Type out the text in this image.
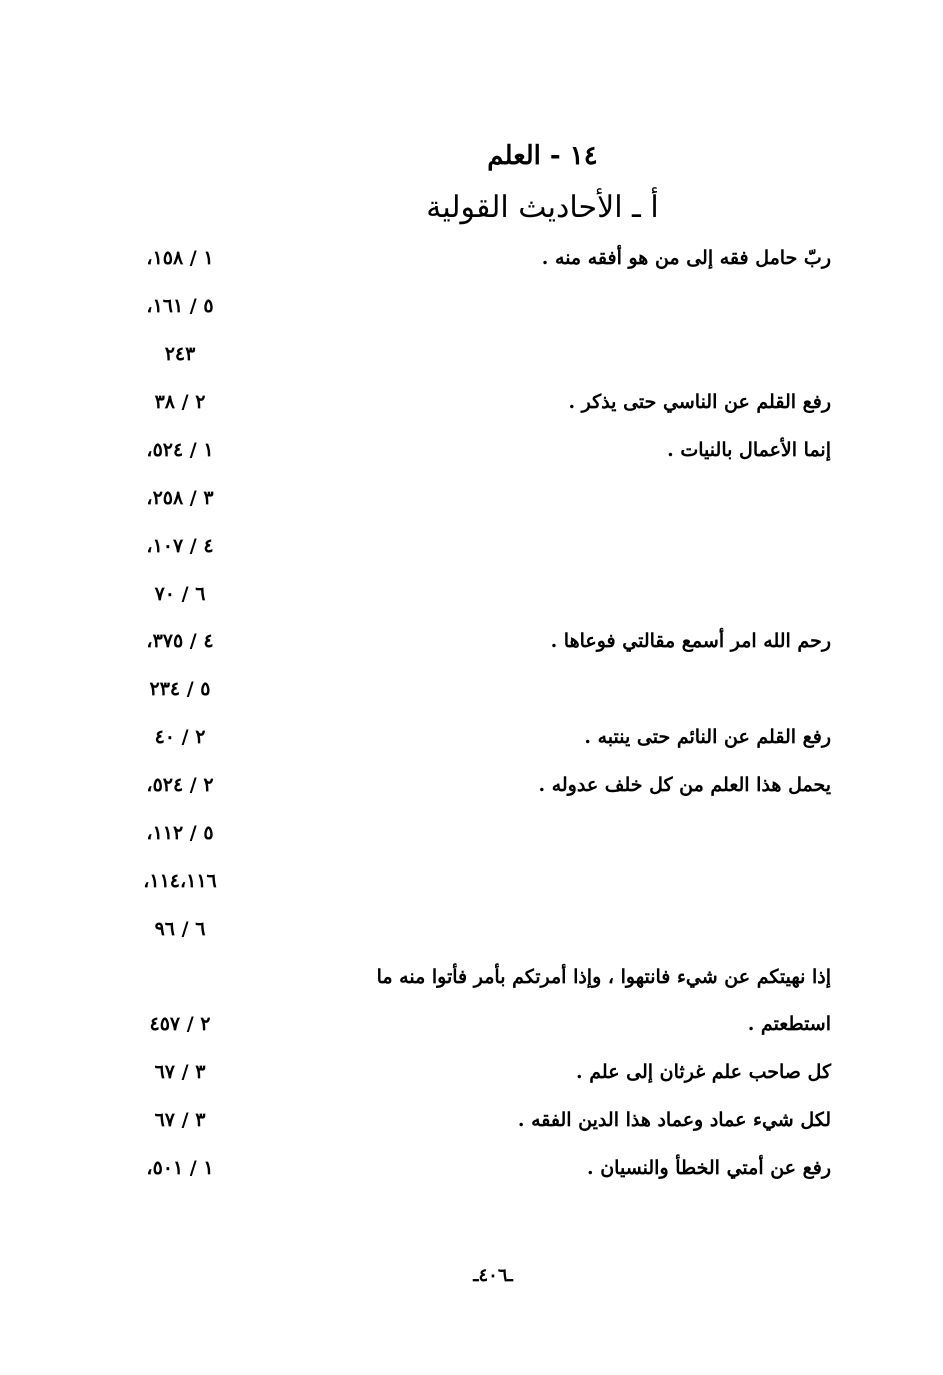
١٤ - العلم
أ ـ الأحاديث القولية
ربّ حامل فقه إلى من هو أفقه منه .
١ / ١٥٨،
٥ / ١٦١،
٢٤٣
رفع القلم عن الناسي حتى يذكر .
٢ / ٣٨
إنما الأعمال بالنيات .
١ / ٥٢٤،
٣ / ٢٥٨،
٤ / ١٠٧،
٦ / ٧٠
رحم الله امر أسمع مقالتي فوعاها .
٤ / ٣٧٥،
٥ / ٢٣٤
رفع القلم عن النائم حتى ينتبه .
٢ / ٤٠
يحمل هذا العلم من كل خلف عدوله .
٢ / ٥٢٤،
٥ / ١١٢،
١١٤،١١٦،
٦ / ٩٦
إذا نهيتكم عن شيء فانتهوا ، وإذا أمرتكم بأمر فأتوا منه ما
استطعتم .
٢ / ٤٥٧
كل صاحب علم غرثان إلى علم .
٣ / ٦٧
لكل شيء عماد وعماد هذا الدين الفقه .
٣ / ٦٧
رفع عن أمتي الخطأ والنسيان .
١ / ٥٠١،
ـ٤٠٦ـ
